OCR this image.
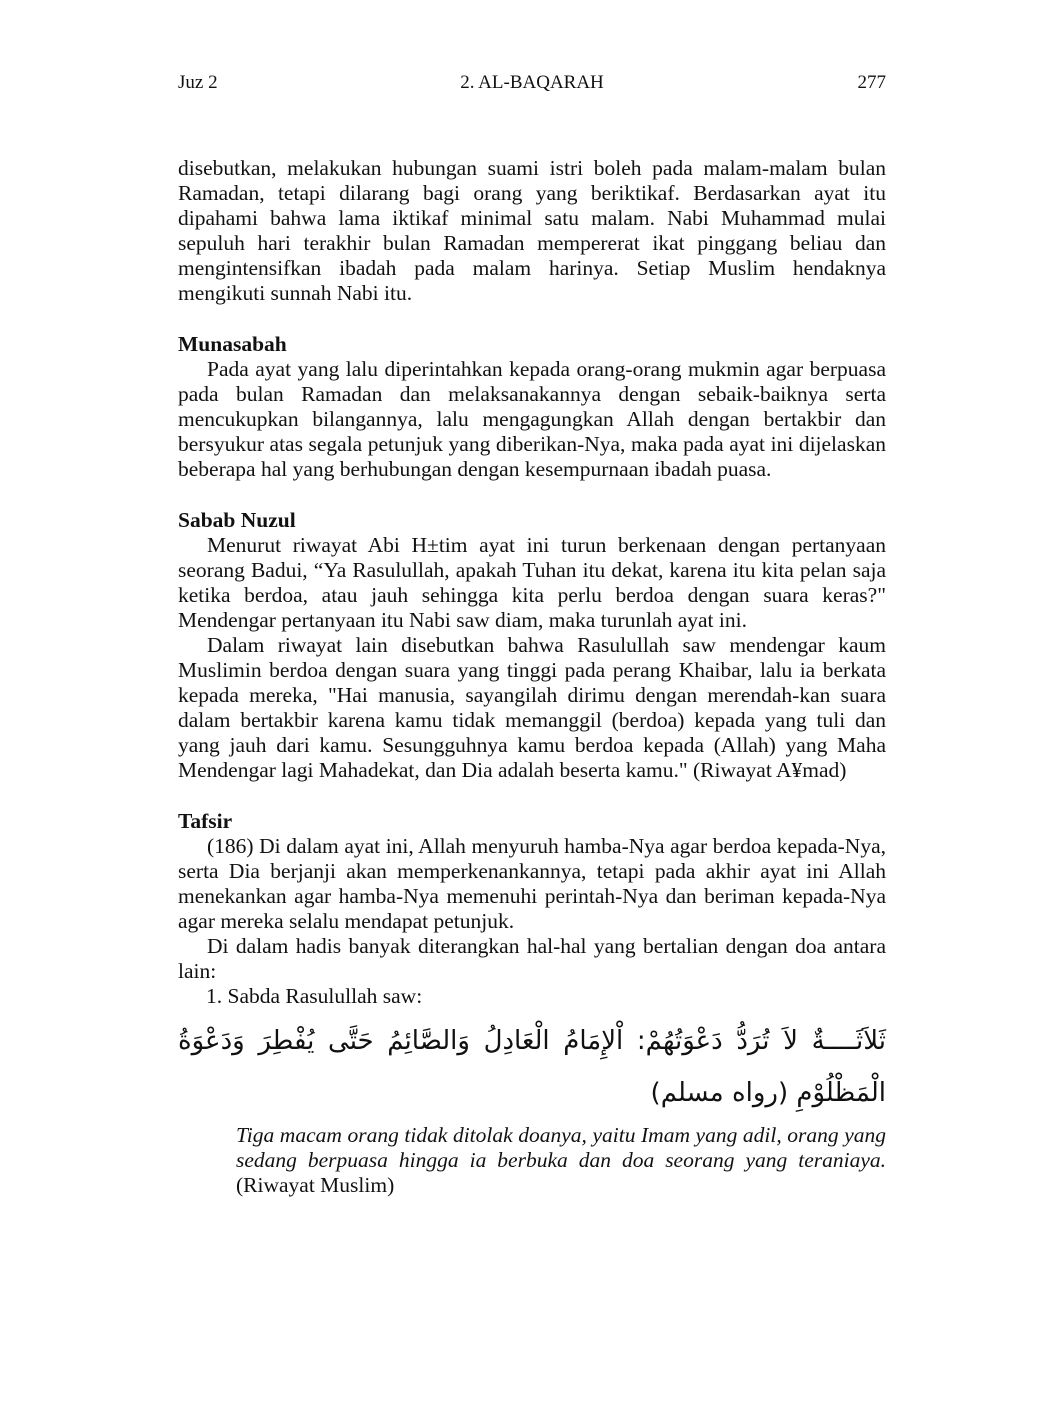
Juz 2	2. AL-BAQARAH	277

disebutkan, melakukan hubungan suami istri boleh pada malam-malam bulan Ramadan, tetapi dilarang bagi orang yang beriktikaf. Berdasarkan ayat itu dipahami bahwa lama iktikaf minimal satu malam. Nabi Muhammad mulai sepuluh hari terakhir bulan Ramadan mempererat ikat pinggang beliau dan mengintensifkan ibadah pada malam harinya. Setiap Muslim hendaknya mengikuti sunnah Nabi itu.

Munasabah

Pada ayat yang lalu diperintahkan kepada orang-orang mukmin agar berpuasa pada bulan Ramadan dan melaksanakannya dengan sebaik-baiknya serta mencukupkan bilangannya, lalu mengagungkan Allah dengan bertakbir dan bersyukur atas segala petunjuk yang diberikan-Nya, maka pada ayat ini dijelaskan beberapa hal yang berhubungan dengan kesempurnaan ibadah puasa.

Sabab Nuzul

Menurut riwayat Abi H±tim ayat ini turun berkenaan dengan pertanyaan seorang Badui, “Ya Rasulullah, apakah Tuhan itu dekat, karena itu kita pelan saja ketika berdoa, atau jauh sehingga kita perlu berdoa dengan suara keras?" Mendengar pertanyaan itu Nabi saw diam, maka turunlah ayat ini.

Dalam riwayat lain disebutkan bahwa Rasulullah saw mendengar kaum Muslimin berdoa dengan suara yang tinggi pada perang Khaibar, lalu ia berkata kepada mereka, "Hai manusia, sayangilah dirimu dengan merendah-kan suara dalam bertakbir karena kamu tidak memanggil (berdoa) kepada yang tuli dan yang jauh dari kamu. Sesungguhnya kamu berdoa kepada (Allah) yang Maha Mendengar lagi Mahadekat, dan Dia adalah beserta kamu." (Riwayat A¥mad)

Tafsir

(186) Di dalam ayat ini, Allah menyuruh hamba-Nya agar berdoa kepada-Nya, serta Dia berjanji akan memperkenankannya, tetapi pada akhir ayat ini Allah menekankan agar hamba-Nya memenuhi perintah-Nya dan beriman kepada-Nya agar mereka selalu mendapat petunjuk.

Di dalam hadis banyak diterangkan hal-hal yang bertalian dengan doa antara lain:

1. Sabda Rasulullah saw:

ثَلاَثَــــةٌ لاَ تُرَدُّ دَعْوَتُهُمْ: اْلإِمَامُ الْعَادِلُ وَالصَّائِمُ حَتَّى يُفْطِرَ وَدَعْوَةُ الْمَظْلُوْمِ (رواه مسلم)

Tiga macam orang tidak ditolak doanya, yaitu Imam yang adil, orang yang sedang berpuasa hingga ia berbuka dan doa seorang yang teraniaya. (Riwayat Muslim)
